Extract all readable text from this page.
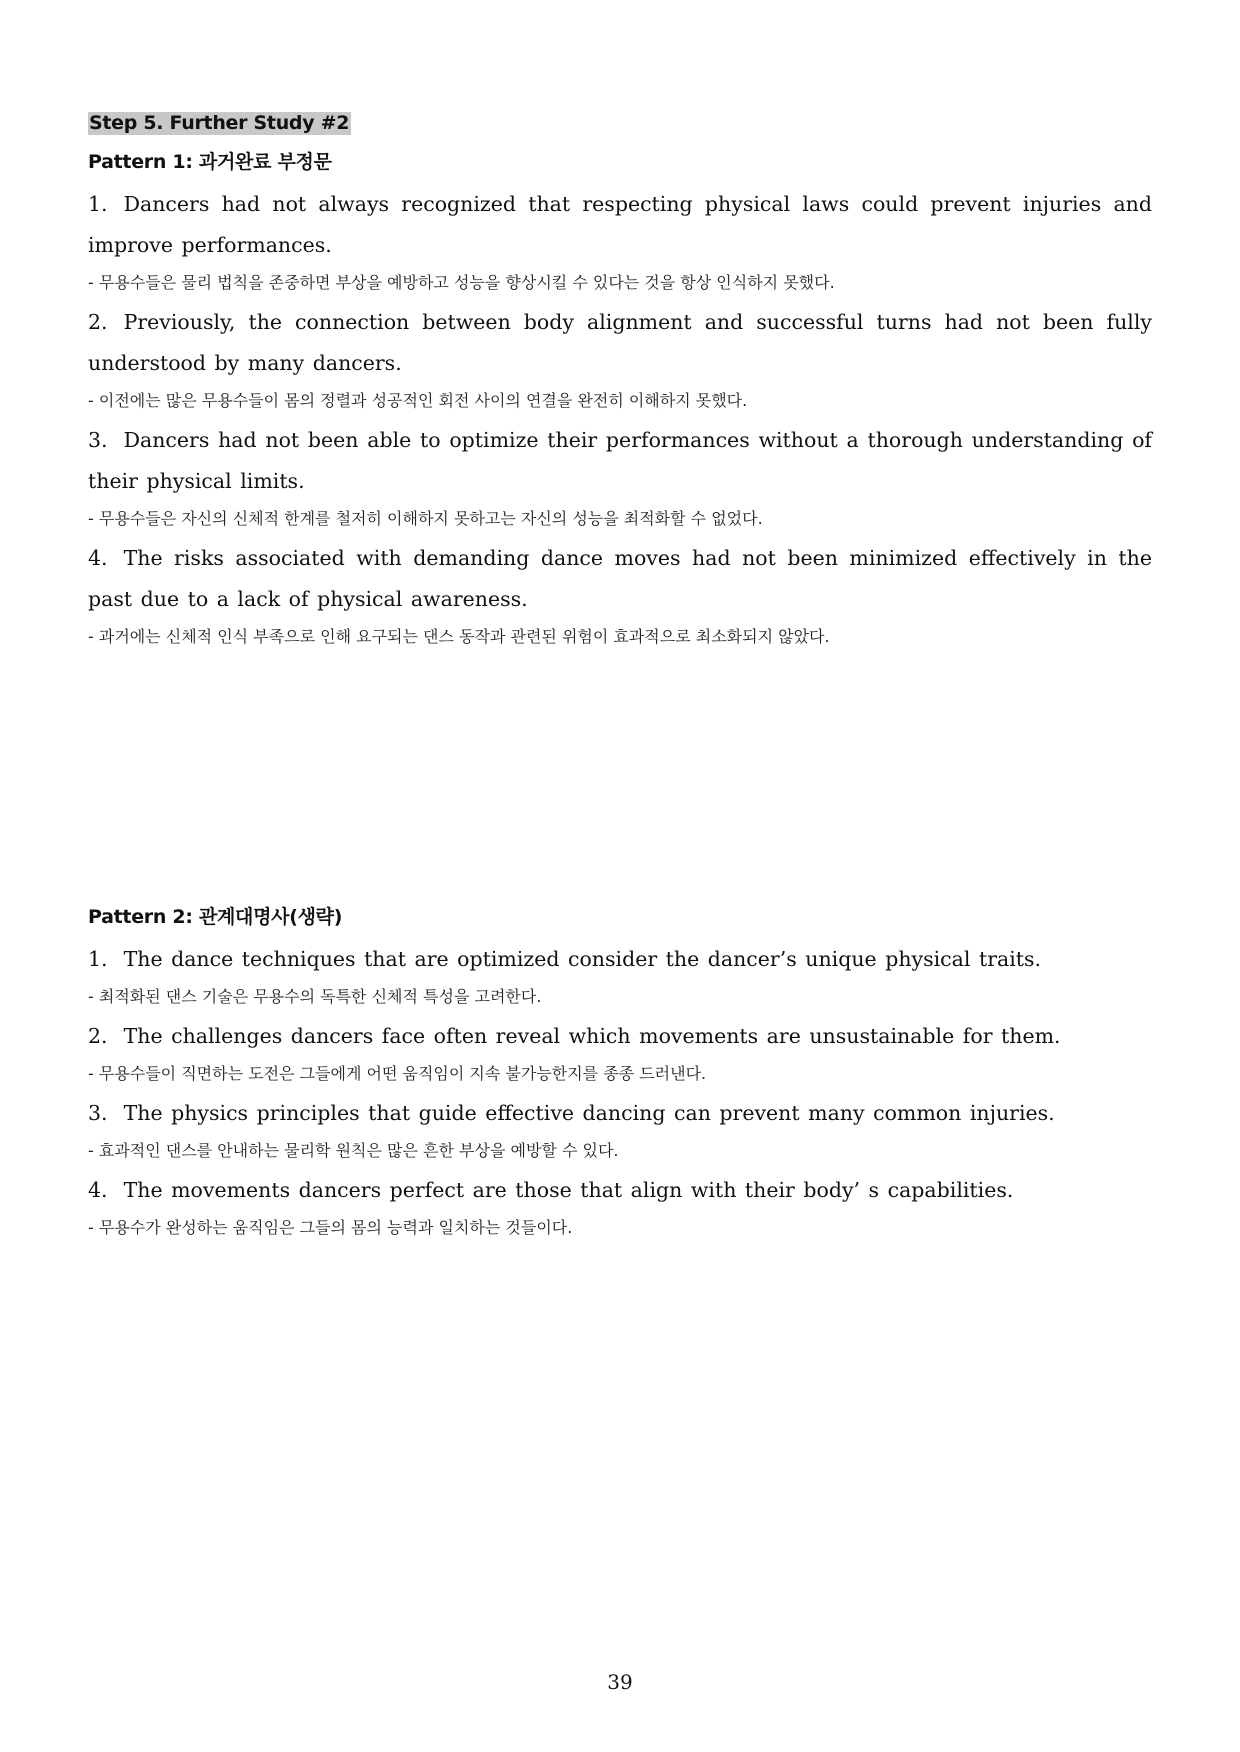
Step 5. Further Study #2
Pattern 1: 과거완료 부정문

1. Dancers had not always recognized that respecting physical laws could prevent injuries and improve performances.

- 무용수들은 물리 법칙을 존중하면 부상을 예방하고 성능을 향상시킬 수 있다는 것을 항상 인식하지 못했다.

2. Previously, the connection between body alignment and successful turns had not been fully understood by many dancers.

- 이전에는 많은 무용수들이 몸의 정렬과 성공적인 회전 사이의 연결을 완전히 이해하지 못했다.

3. Dancers had not been able to optimize their performances without a thorough understanding of their physical limits.

- 무용수들은 자신의 신체적 한계를 철저히 이해하지 못하고는 자신의 성능을 최적화할 수 없었다.

4. The risks associated with demanding dance moves had not been minimized effectively in the past due to a lack of physical awareness.

- 과거에는 신체적 인식 부족으로 인해 요구되는 댄스 동작과 관련된 위험이 효과적으로 최소화되지 않았다.
Pattern 2: 관계대명사(생략)

1. The dance techniques that are optimized consider the dancer’s unique physical traits.

- 최적화된 댄스 기술은 무용수의 독특한 신체적 특성을 고려한다.

2. The challenges dancers face often reveal which movements are unsustainable for them.

- 무용수들이 직면하는 도전은 그들에게 어떤 움직임이 지속 불가능한지를 종종 드러낸다.

3. The physics principles that guide effective dancing can prevent many common injuries.

- 효과적인 댄스를 안내하는 물리학 원칙은 많은 흔한 부상을 예방할 수 있다.

4. The movements dancers perfect are those that align with their body’ s capabilities.

- 무용수가 완성하는 움직임은 그들의 몸의 능력과 일치하는 것들이다.
39
